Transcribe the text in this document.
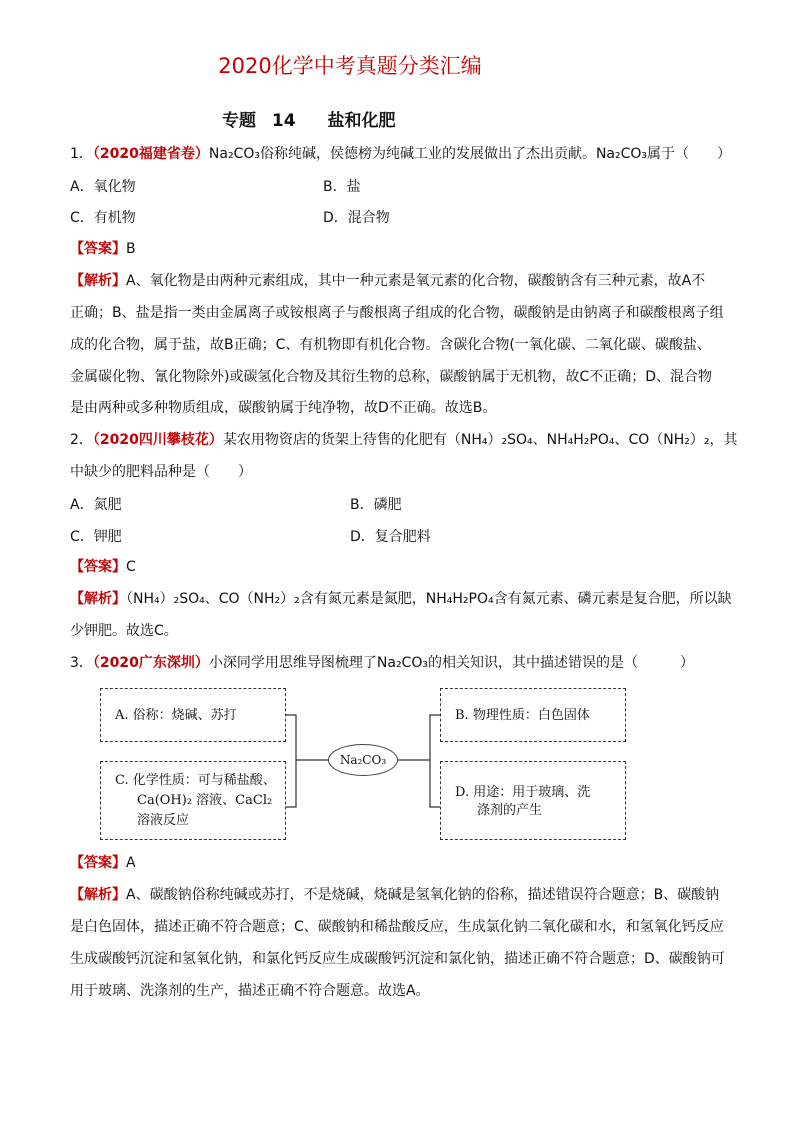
2020化学中考真题分类汇编
专题 14 盐和化肥
1．（2020福建省卷）Na₂CO₃俗称纯碱，侯德榜为纯碱工业的发展做出了杰出贡献。Na₂CO₃属于（　　）
A．氧化物	B．盐
C．有机物	D．混合物
【答案】B
【解析】A、氧化物是由两种元素组成，其中一种元素是氧元素的化合物，碳酸钠含有三种元素，故A不
正确；B、盐是指一类由金属离子或铵根离子与酸根离子组成的化合物，碳酸钠是由钠离子和碳酸根离子组
成的化合物，属于盐，故B正确；C、有机物即有机化合物。含碳化合物(一氧化碳、二氧化碳、碳酸盐、
金属碳化物、氰化物除外)或碳氢化合物及其衍生物的总称，碳酸钠属于无机物，故C不正确；D、混合物
是由两种或多种物质组成，碳酸钠属于纯净物，故D不正确。故选B。
2．（2020四川攀枝花）某农用物资店的货架上待售的化肥有（NH₄）₂SO₄、NH₄H₂PO₄、CO（NH₂）₂，其
中缺少的肥料品种是（　　）
A．氮肥	B．磷肥
C．钾肥	D．复合肥料
【答案】C
【解析】（NH₄）₂SO₄、CO（NH₂）₂含有氮元素是氮肥，NH₄H₂PO₄含有氮元素、磷元素是复合肥，所以缺
少钾肥。故选C。
3．（2020广东深圳）小深同学用思维导图梳理了Na₂CO₃的相关知识，其中描述错误的是（　　　）
A. 俗称：烧碱、苏打
C. 化学性质：可与稀盐酸、
Ca(OH)₂ 溶液、CaCl₂
溶液反应
Na₂CO₃
B. 物理性质：白色固体
D. 用途：用于玻璃、洗
涤剂的产生
【答案】A
【解析】A、碳酸钠俗称纯碱或苏打，不是烧碱，烧碱是氢氧化钠的俗称，描述错误符合题意；B、碳酸钠
是白色固体，描述正确不符合题意；C、碳酸钠和稀盐酸反应，生成氯化钠二氧化碳和水，和氢氧化钙反应
生成碳酸钙沉淀和氢氧化钠，和氯化钙反应生成碳酸钙沉淀和氯化钠，描述正确不符合题意；D、碳酸钠可
用于玻璃、洗涤剂的生产，描述正确不符合题意。故选A。
